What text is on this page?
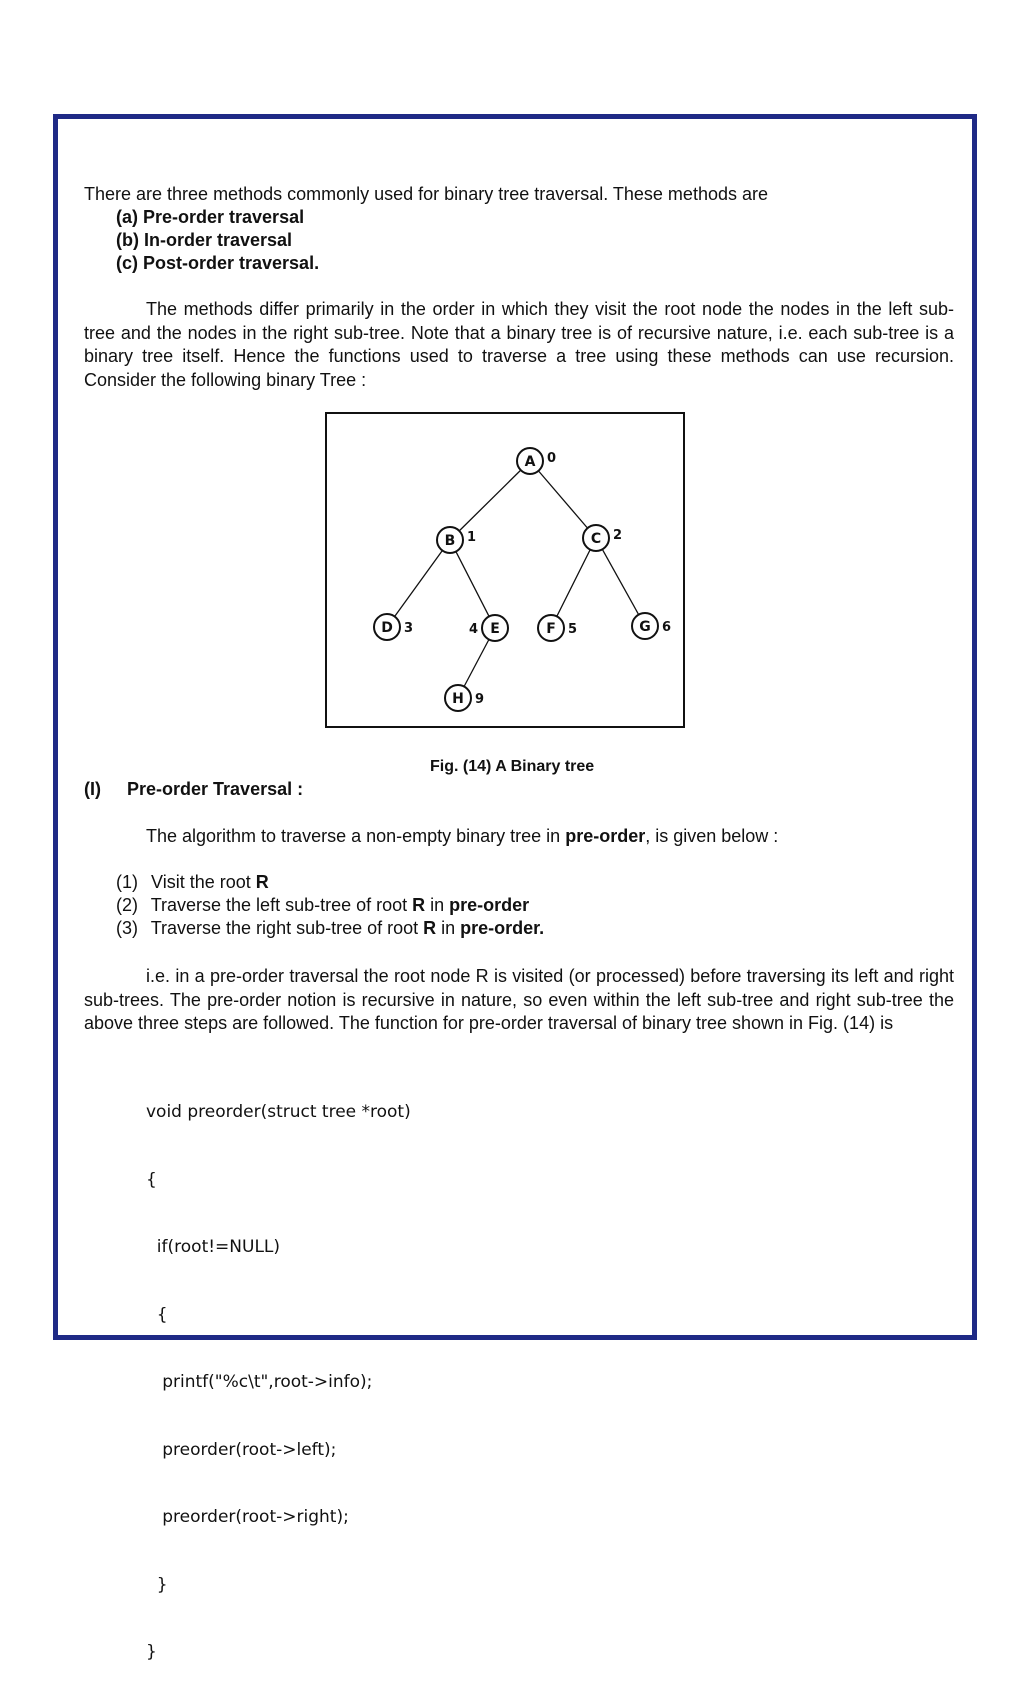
There are three methods commonly used for binary tree traversal. These methods are
(a) Pre-order traversal
(b) In-order traversal
(c) Post-order traversal.
The methods differ primarily in the order in which they visit the root node the nodes in the left sub-tree and the nodes in the right sub-tree. Note that a binary tree is of recursive nature, i.e. each sub-tree is a binary tree itself. Hence the functions used to traverse a tree using these methods can use recursion. Consider the following binary Tree :
A 0
B 1	C 2
D 3	E
4	F 5	G 6
H 9
Fig. (14) A Binary tree
(I) Pre-order Traversal :
The algorithm to traverse a non-empty binary tree in pre-order, is given below :
(1) Visit the root R
(2) Traverse the left sub-tree of root R in pre-order
(3) Traverse the right sub-tree of root R in pre-order.
i.e. in a pre-order traversal the root node R is visited (or processed) before traversing its left and right sub-trees. The pre-order notion is recursive in nature, so even within the left sub-tree and right sub-tree the above three steps are followed. The function for pre-order traversal of binary tree shown in Fig. (14) is

void preorder(struct tree *root)

{

if(root!=NULL)

{

printf("%c\t",root->info);

preorder(root->left);

preorder(root->right);

}

}
